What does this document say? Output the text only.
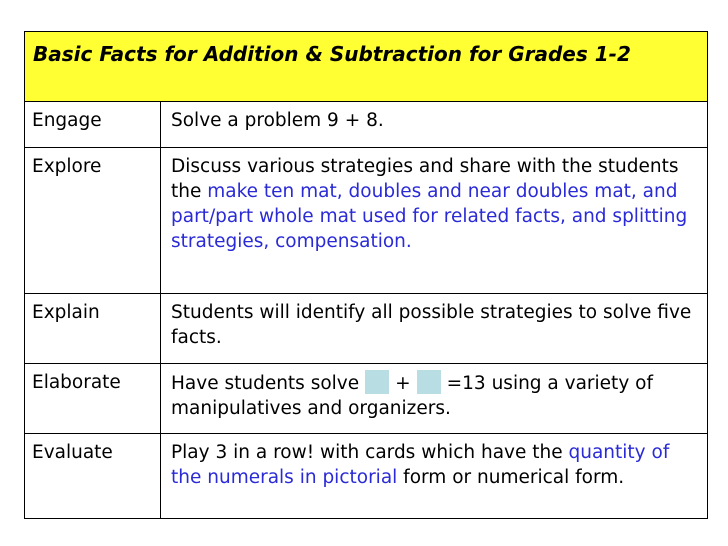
Basic Facts for Addition & Subtraction for Grades 1-2
Engage	Solve a problem 9 + 8.
Explore	Discuss various strategies and share with the students the make ten mat, doubles and near doubles mat, and part/part whole mat used for related facts, and splitting strategies, compensation.
Explain	Students will identify all possible strategies to solve five facts.
Elaborate	Have students solve + =13 using a variety of manipulatives and organizers.
Evaluate	Play 3 in a row! with cards which have the quantity of the numerals in pictorial form or numerical form.
